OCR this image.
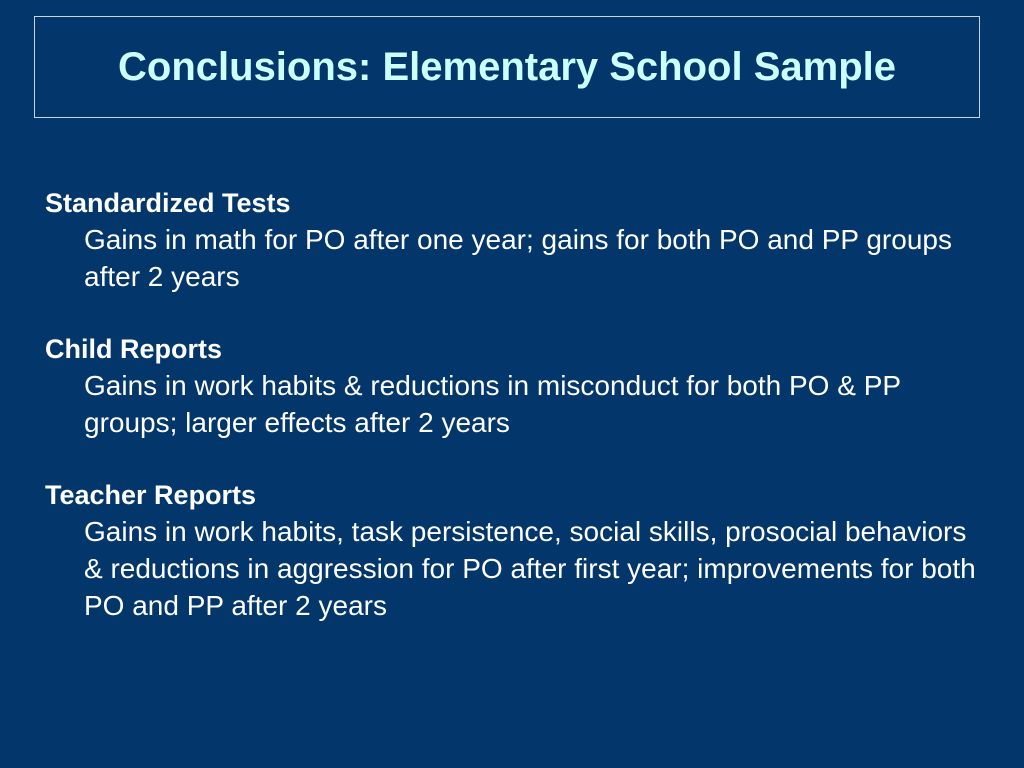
Conclusions: Elementary School Sample

Standardized Tests

Gains in math for PO after one year; gains for both PO and PP groups after 2 years

Child Reports

Gains in work habits & reductions in misconduct for both PO & PP groups; larger effects after 2 years

Teacher Reports

Gains in work habits, task persistence, social skills, prosocial behaviors & reductions in aggression for PO after first year; improvements for both PO and PP after 2 years
